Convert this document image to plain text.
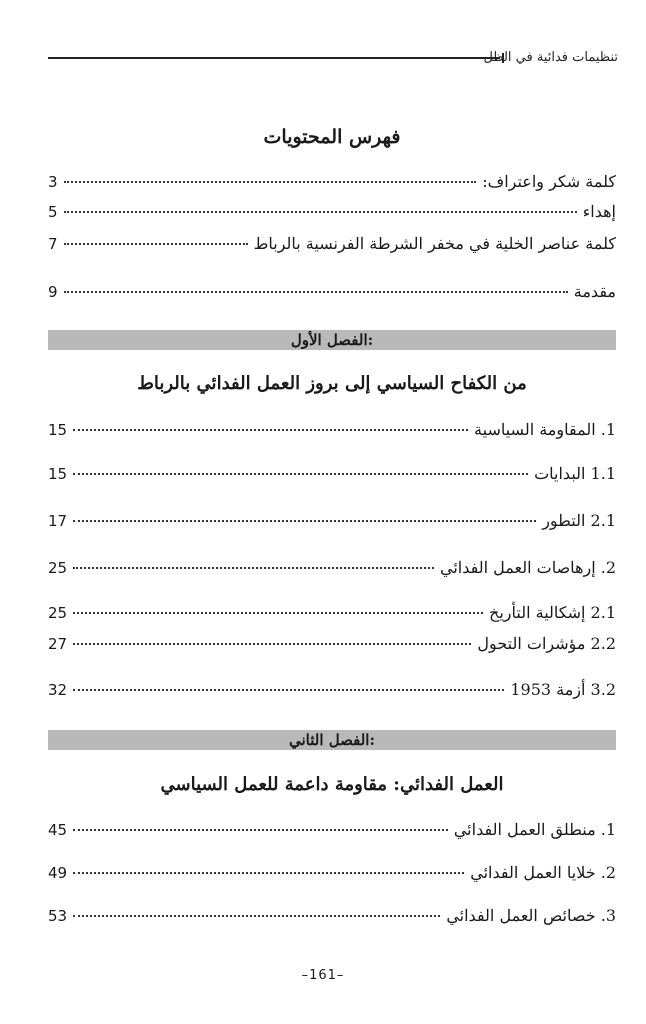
تنظيمات فدائية في الظل
فهرس المحتويات
كلمة شكر واعتراف:
3
إهداء
5
كلمة عناصر الخلية في مخفر الشرطة الفرنسية بالرباط
7
مقدمة
9
الفصل الأول:
من الكفاح السياسي إلى بروز العمل الفدائي بالرباط
1. المقاومة السياسية
15
1.1 البدايات
15
2.1 التطور
17
2. إرهاصات العمل الفدائي
25
2.1 إشكالية التأريخ
25
2.2 مؤشرات التحول
27
3.2 أزمة 1953
32
الفصل الثاني:
العمل الفدائي: مقاومة داعمة للعمل السياسي
1. منطلق العمل الفدائي
45
2. خلايا العمل الفدائي
49
3. خصائص العمل الفدائي
53
–161–
